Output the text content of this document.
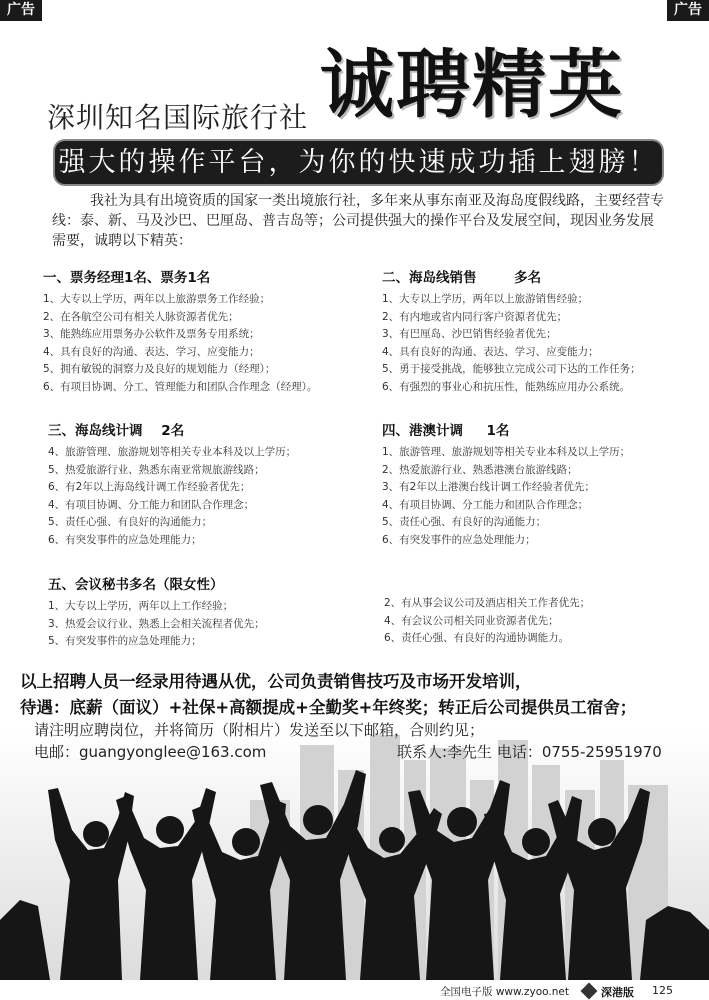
广告	广告
深圳知名国际旅行社 诚聘精英
强大的操作平台，为你的快速成功插上翅膀！
我社为具有出境资质的国家一类出境旅行社，多年来从事东南亚及海岛度假线路，主要经营专线：泰、新、马及沙巴、巴厘岛、普吉岛等；公司提供强大的操作平台及发展空间，现因业务发展需要，诚聘以下精英：
一、票务经理1名、票务1名
1、大专以上学历，两年以上旅游票务工作经验；
2、在各航空公司有相关人脉资源者优先；
3、能熟练应用票务办公软件及票务专用系统；
4、具有良好的沟通、表达、学习、应变能力；
5、拥有敏锐的洞察力及良好的规划能力（经理）；
6、有项目协调、分工、管理能力和团队合作理念（经理）。
二、海岛线销售        多名
1、大专以上学历，两年以上旅游销售经验；
2、有内地或省内同行客户资源者优先；
3、有巴厘岛、沙巴销售经验者优先；
4、具有良好的沟通、表达、学习、应变能力；
5、勇于接受挑战，能够独立完成公司下达的工作任务；
6、有强烈的事业心和抗压性，能熟练应用办公系统。
三、海岛线计调    2名
4、旅游管理、旅游规划等相关专业本科及以上学历；
5、热爱旅游行业、熟悉东南亚常规旅游线路；
6、有2年以上海岛线计调工作经验者优先；
4、有项目协调、分工能力和团队合作理念；
5、责任心强、有良好的沟通能力；
6、有突发事件的应急处理能力；
四、港澳计调     1名
1、旅游管理、旅游规划等相关专业本科及以上学历；
2、热爱旅游行业、熟悉港澳台旅游线路；
3、有2年以上港澳台线计调工作经验者优先；
4、有项目协调、分工能力和团队合作理念；
5、责任心强、有良好的沟通能力；
6、有突发事件的应急处理能力；
五、会议秘书多名（限女性）
1、大专以上学历，两年以上工作经验；
3、热爱会议行业、熟悉上会相关流程者优先；
5、有突发事件的应急处理能力；
2、有从事会议公司及酒店相关工作者优先；
4、有会议公司相关同业资源者优先；
6、责任心强、有良好的沟通协调能力。
以上招聘人员一经录用待遇从优，公司负责销售技巧及市场开发培训，
待遇：底薪（面议）+社保+高额提成+全勤奖+年终奖；转正后公司提供员工宿舍；
请注明应聘岗位，并将简历（附相片）发送至以下邮箱，合则约见；
电邮：guangyonglee@163.com	联系人:李先生 电话：0755-25951970
全国电子版 www.zyoo.net	深港版 125
